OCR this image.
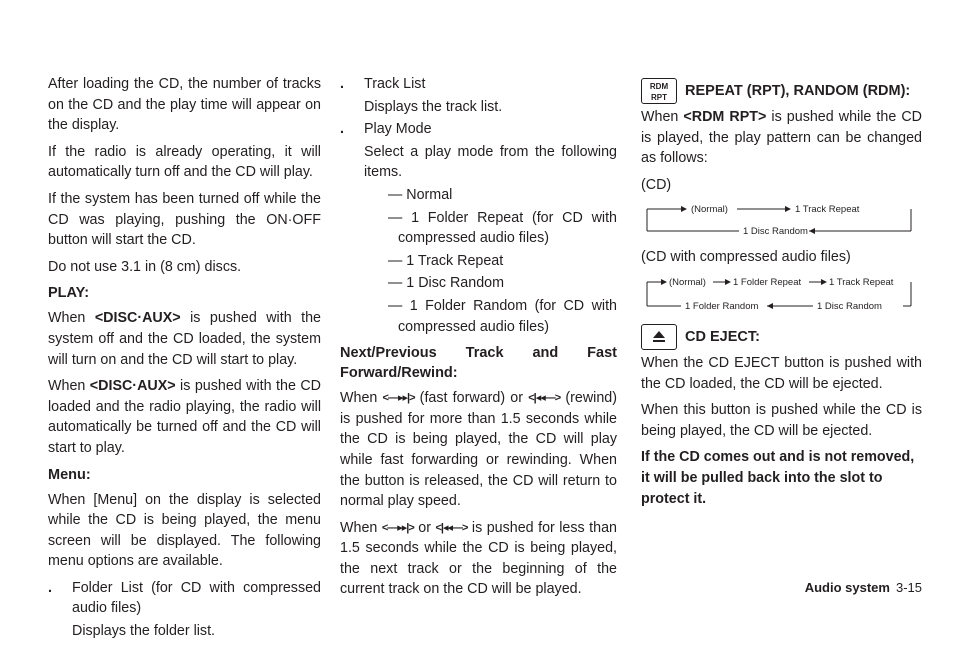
After loading the CD, the number of tracks on the CD and the play time will appear on the display.

If the radio is already operating, it will automatically turn off and the CD will play.

If the system has been turned off while the CD was playing, pushing the ON·OFF button will start the CD.

Do not use 3.1 in (8 cm) discs.

PLAY:

When <DISC·AUX> is pushed with the system off and the CD loaded, the system will turn on and the CD will start to play.

When <DISC·AUX> is pushed with the CD loaded and the radio playing, the radio will automatically be turned off and the CD will start to play.

Menu:

When [Menu] on the display is selected while the CD is being played, the menu screen will be displayed. The following menu options are available.

. Folder List (for CD with compressed audio files)

Displays the folder list.

. Track List

Displays the track list.

. Play Mode

Select a play mode from the following items.

— Normal
— 1 Folder Repeat (for CD with compressed audio files)
— 1 Track Repeat
— 1 Disc Random
— 1 Folder Random (for CD with compressed audio files)
Next/Previous Track and Fast Forward/Rewind:

When <—▸▸|> (fast forward) or <|◂◂—> (rewind) is pushed for more than 1.5 seconds while the CD is being played, the CD will play while fast forwarding or rewinding. When the button is released, the CD will return to normal play speed.

When <—▸▸|> or <|◂◂—> is pushed for less than 1.5 seconds while the CD is being played, the next track or the beginning of the current track on the CD will be played.

RDM
RPT	REPEAT (RPT), RANDOM (RDM):

When <RDM RPT> is pushed while the CD is played, the play pattern can be changed as follows:

(CD)

(Normal)	1 Track Repeat
1 Disc Random

(CD with compressed audio files)

(Normal)	1 Folder Repeat	1 Track Repeat
1 Folder Random	1 Disc Random
CD EJECT:

When the CD EJECT button is pushed with the CD loaded, the CD will be ejected.

When this button is pushed while the CD is being played, the CD will be ejected.

If the CD comes out and is not removed, it will be pulled back into the slot to protect it.

Audio system 3-15
